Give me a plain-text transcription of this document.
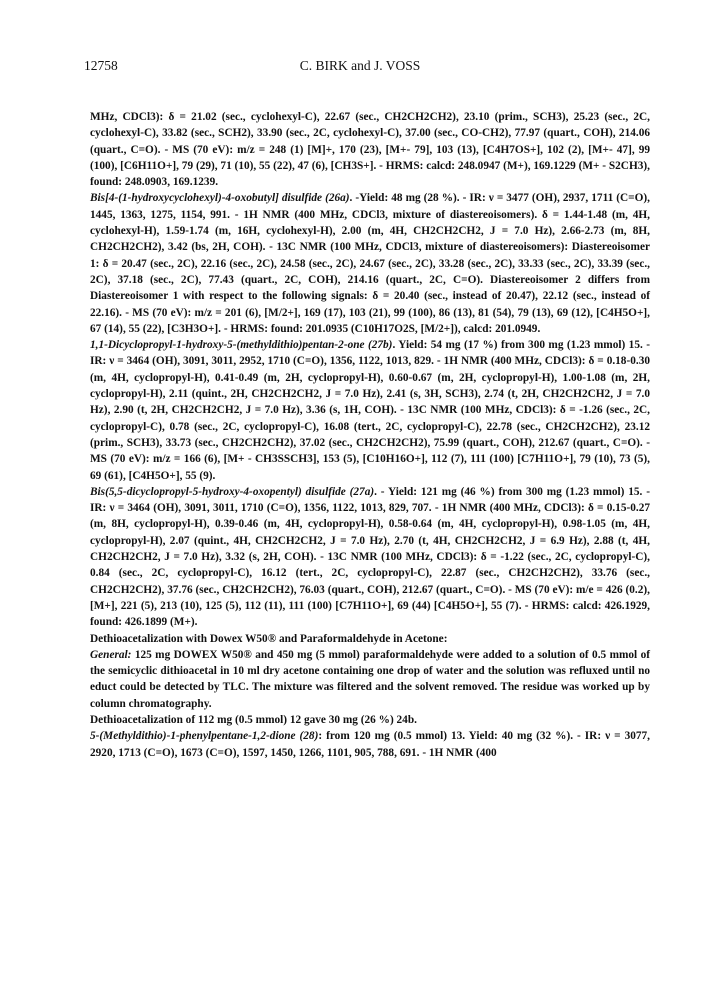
12758	C. BIRK and J. VOSS

MHz, CDCl3): δ = 21.02 (sec., cyclohexyl-C), 22.67 (sec., CH2CH2CH2), 23.10 (prim., SCH3), 25.23 (sec., 2C, cyclohexyl-C), 33.82 (sec., SCH2), 33.90 (sec., 2C, cyclohexyl-C), 37.00 (sec., CO-CH2), 77.97 (quart., COH), 214.06 (quart., C=O). - MS (70 eV): m/z = 248 (1) [M]+, 170 (23), [M+- 79], 103 (13), [C4H7OS+], 102 (2), [M+- 47], 99 (100), [C6H11O+], 79 (29), 71 (10), 55 (22), 47 (6), [CH3S+]. - HRMS: calcd: 248.0947 (M+), 169.1229 (M+ - S2CH3), found: 248.0903, 169.1239.

Bis[4-(1-hydroxycyclohexyl)-4-oxobutyl] disulfide (26a). -Yield: 48 mg (28 %). - IR: ν = 3477 (OH), 2937, 1711 (C=O), 1445, 1363, 1275, 1154, 991. - 1H NMR (400 MHz, CDCl3, mixture of diastereoisomers). δ = 1.44-1.48 (m, 4H, cyclohexyl-H), 1.59-1.74 (m, 16H, cyclohexyl-H), 2.00 (m, 4H, CH2CH2CH2, J = 7.0 Hz), 2.66-2.73 (m, 8H, CH2CH2CH2), 3.42 (bs, 2H, COH). - 13C NMR (100 MHz, CDCl3, mixture of diastereoisomers): Diastereoisomer 1: δ = 20.47 (sec., 2C), 22.16 (sec., 2C), 24.58 (sec., 2C), 24.67 (sec., 2C), 33.28 (sec., 2C), 33.33 (sec., 2C), 33.39 (sec., 2C), 37.18 (sec., 2C), 77.43 (quart., 2C, COH), 214.16 (quart., 2C, C=O). Diastereoisomer 2 differs from Diastereoisomer 1 with respect to the following signals: δ = 20.40 (sec., instead of 20.47), 22.12 (sec., instead of 22.16). - MS (70 eV): m/z = 201 (6), [M/2+], 169 (17), 103 (21), 99 (100), 86 (13), 81 (54), 79 (13), 69 (12), [C4H5O+], 67 (14), 55 (22), [C3H3O+]. - HRMS: found: 201.0935 (C10H17O2S, [M/2+]), calcd: 201.0949.

1,1-Dicyclopropyl-1-hydroxy-5-(methyldithio)pentan-2-one (27b). Yield: 54 mg (17 %) from 300 mg (1.23 mmol) 15. - IR: ν = 3464 (OH), 3091, 3011, 2952, 1710 (C=O), 1356, 1122, 1013, 829. - 1H NMR (400 MHz, CDCl3): δ = 0.18-0.30 (m, 4H, cyclopropyl-H), 0.41-0.49 (m, 2H, cyclopropyl-H), 0.60-0.67 (m, 2H, cyclopropyl-H), 1.00-1.08 (m, 2H, cyclopropyl-H), 2.11 (quint., 2H, CH2CH2CH2, J = 7.0 Hz), 2.41 (s, 3H, SCH3), 2.74 (t, 2H, CH2CH2CH2, J = 7.0 Hz), 2.90 (t, 2H, CH2CH2CH2, J = 7.0 Hz), 3.36 (s, 1H, COH). - 13C NMR (100 MHz, CDCl3): δ = -1.26 (sec., 2C, cyclopropyl-C), 0.78 (sec., 2C, cyclopropyl-C), 16.08 (tert., 2C, cyclopropyl-C), 22.78 (sec., CH2CH2CH2), 23.12 (prim., SCH3), 33.73 (sec., CH2CH2CH2), 37.02 (sec., CH2CH2CH2), 75.99 (quart., COH), 212.67 (quart., C=O). - MS (70 eV): m/z = 166 (6), [M+ - CH3SSCH3], 153 (5), [C10H16O+], 112 (7), 111 (100) [C7H11O+], 79 (10), 73 (5), 69 (61), [C4H5O+], 55 (9).

Bis(5,5-dicyclopropyl-5-hydroxy-4-oxopentyl) disulfide (27a). - Yield: 121 mg (46 %) from 300 mg (1.23 mmol) 15. - IR: ν = 3464 (OH), 3091, 3011, 1710 (C=O), 1356, 1122, 1013, 829, 707. - 1H NMR (400 MHz, CDCl3): δ = 0.15-0.27 (m, 8H, cyclopropyl-H), 0.39-0.46 (m, 4H, cyclopropyl-H), 0.58-0.64 (m, 4H, cyclopropyl-H), 0.98-1.05 (m, 4H, cyclopropyl-H), 2.07 (quint., 4H, CH2CH2CH2, J = 7.0 Hz), 2.70 (t, 4H, CH2CH2CH2, J = 6.9 Hz), 2.88 (t, 4H, CH2CH2CH2, J = 7.0 Hz), 3.32 (s, 2H, COH). - 13C NMR (100 MHz, CDCl3): δ = -1.22 (sec., 2C, cyclopropyl-C), 0.84 (sec., 2C, cyclopropyl-C), 16.12 (tert., 2C, cyclopropyl-C), 22.87 (sec., CH2CH2CH2), 33.76 (sec., CH2CH2CH2), 37.76 (sec., CH2CH2CH2), 76.03 (quart., COH), 212.67 (quart., C=O). - MS (70 eV): m/e = 426 (0.2), [M+], 221 (5), 213 (10), 125 (5), 112 (11), 111 (100) [C7H11O+], 69 (44) [C4H5O+], 55 (7). - HRMS: calcd: 426.1929, found: 426.1899 (M+).

Dethioacetalization with Dowex W50® and Paraformaldehyde in Acetone:

General: 125 mg DOWEX W50® and 450 mg (5 mmol) paraformaldehyde were added to a solution of 0.5 mmol of the semicyclic dithioacetal in 10 ml dry acetone containing one drop of water and the solution was refluxed until no educt could be detected by TLC. The mixture was filtered and the solvent removed. The residue was worked up by column chromatography.

Dethioacetalization of 112 mg (0.5 mmol) 12 gave 30 mg (26 %) 24b.

5-(Methyldithio)-1-phenylpentane-1,2-dione (28): from 120 mg (0.5 mmol) 13. Yield: 40 mg (32 %). - IR: ν = 3077, 2920, 1713 (C=O), 1673 (C=O), 1597, 1450, 1266, 1101, 905, 788, 691. - 1H NMR (400
